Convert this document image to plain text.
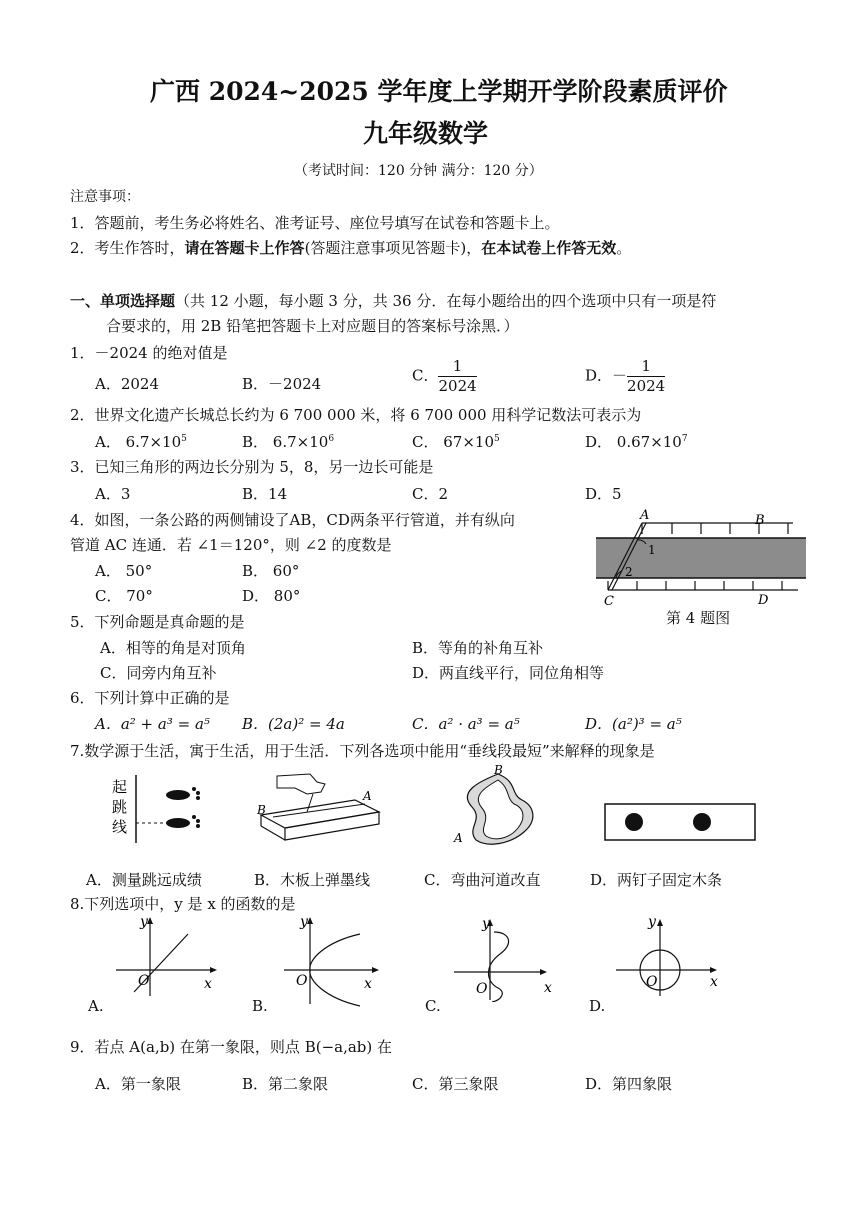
广西 2024~2025 学年度上学期开学阶段素质评价
九年级数学
（考试时间：120 分钟 满分：120 分）
注意事项：
1．答题前，考生务必将姓名、准考证号、座位号填写在试卷和答题卡上。
2．考生作答时，请在答题卡上作答(答题注意事项见答题卡)，在本试卷上作答无效。
一、单项选择题（共 12 小题，每小题 3 分，共 36 分．在每小题给出的四个选项中只有一项是符
合要求的，用 2B 铅笔把答题卡上对应题目的答案标号涂黑．）
1．－2024 的绝对值是
A．2024	B．－2024	C． $\frac{1}{2024}$	D．－ $\frac{1}{2024}$
2．世界文化遗产长城总长约为 6 700 000 米，将 6 700 000 用科学记数法可表示为
A． $6.7\times 10^5$	B． $6.7\times 10^6$	C． $67\times 10^5$	D． $0.67\times 10^7$
3．已知三角形的两边长分别为 5，8，另一边长可能是
A．3	B．14	C．2	D．5
4．如图，一条公路的两侧铺设了AB，CD两条平行管道，并有纵向
管道 AC 连通．若 ∠1＝120°，则 ∠2 的度数是
A． 50°	B． 60°
C． 70°	D． 80°
A	B
C	D
1
2
第 4 题图
5．下列命题是真命题的是
A．相等的角是对顶角	B．等角的补角互补
C．同旁内角互补	D．两直线平行，同位角相等
6．下列计算中正确的是
A．a² + a³ = a⁵ B．(2a)² = 4a	C．a² · a³ = a⁵	D．(a²)³ = a⁵
7.数学源于生活，寓于生活，用于生活．下列各选项中能用“垂线段最短”来解释的现象是
起
跳
线
B
A
B
A
A．测量跳远成绩	B．木板上弹墨线	C．弯曲河道改直	D．两钉子固定木条
8.下列选项中，y 是 x 的函数的是
y
O	x
y
O	x
y
O	x
y
O	x
A.	B.	C.	D.
9．若点 A(a,b) 在第一象限，则点 B(−a,ab) 在
A．第一象限	B．第二象限	C．第三象限	D．第四象限
